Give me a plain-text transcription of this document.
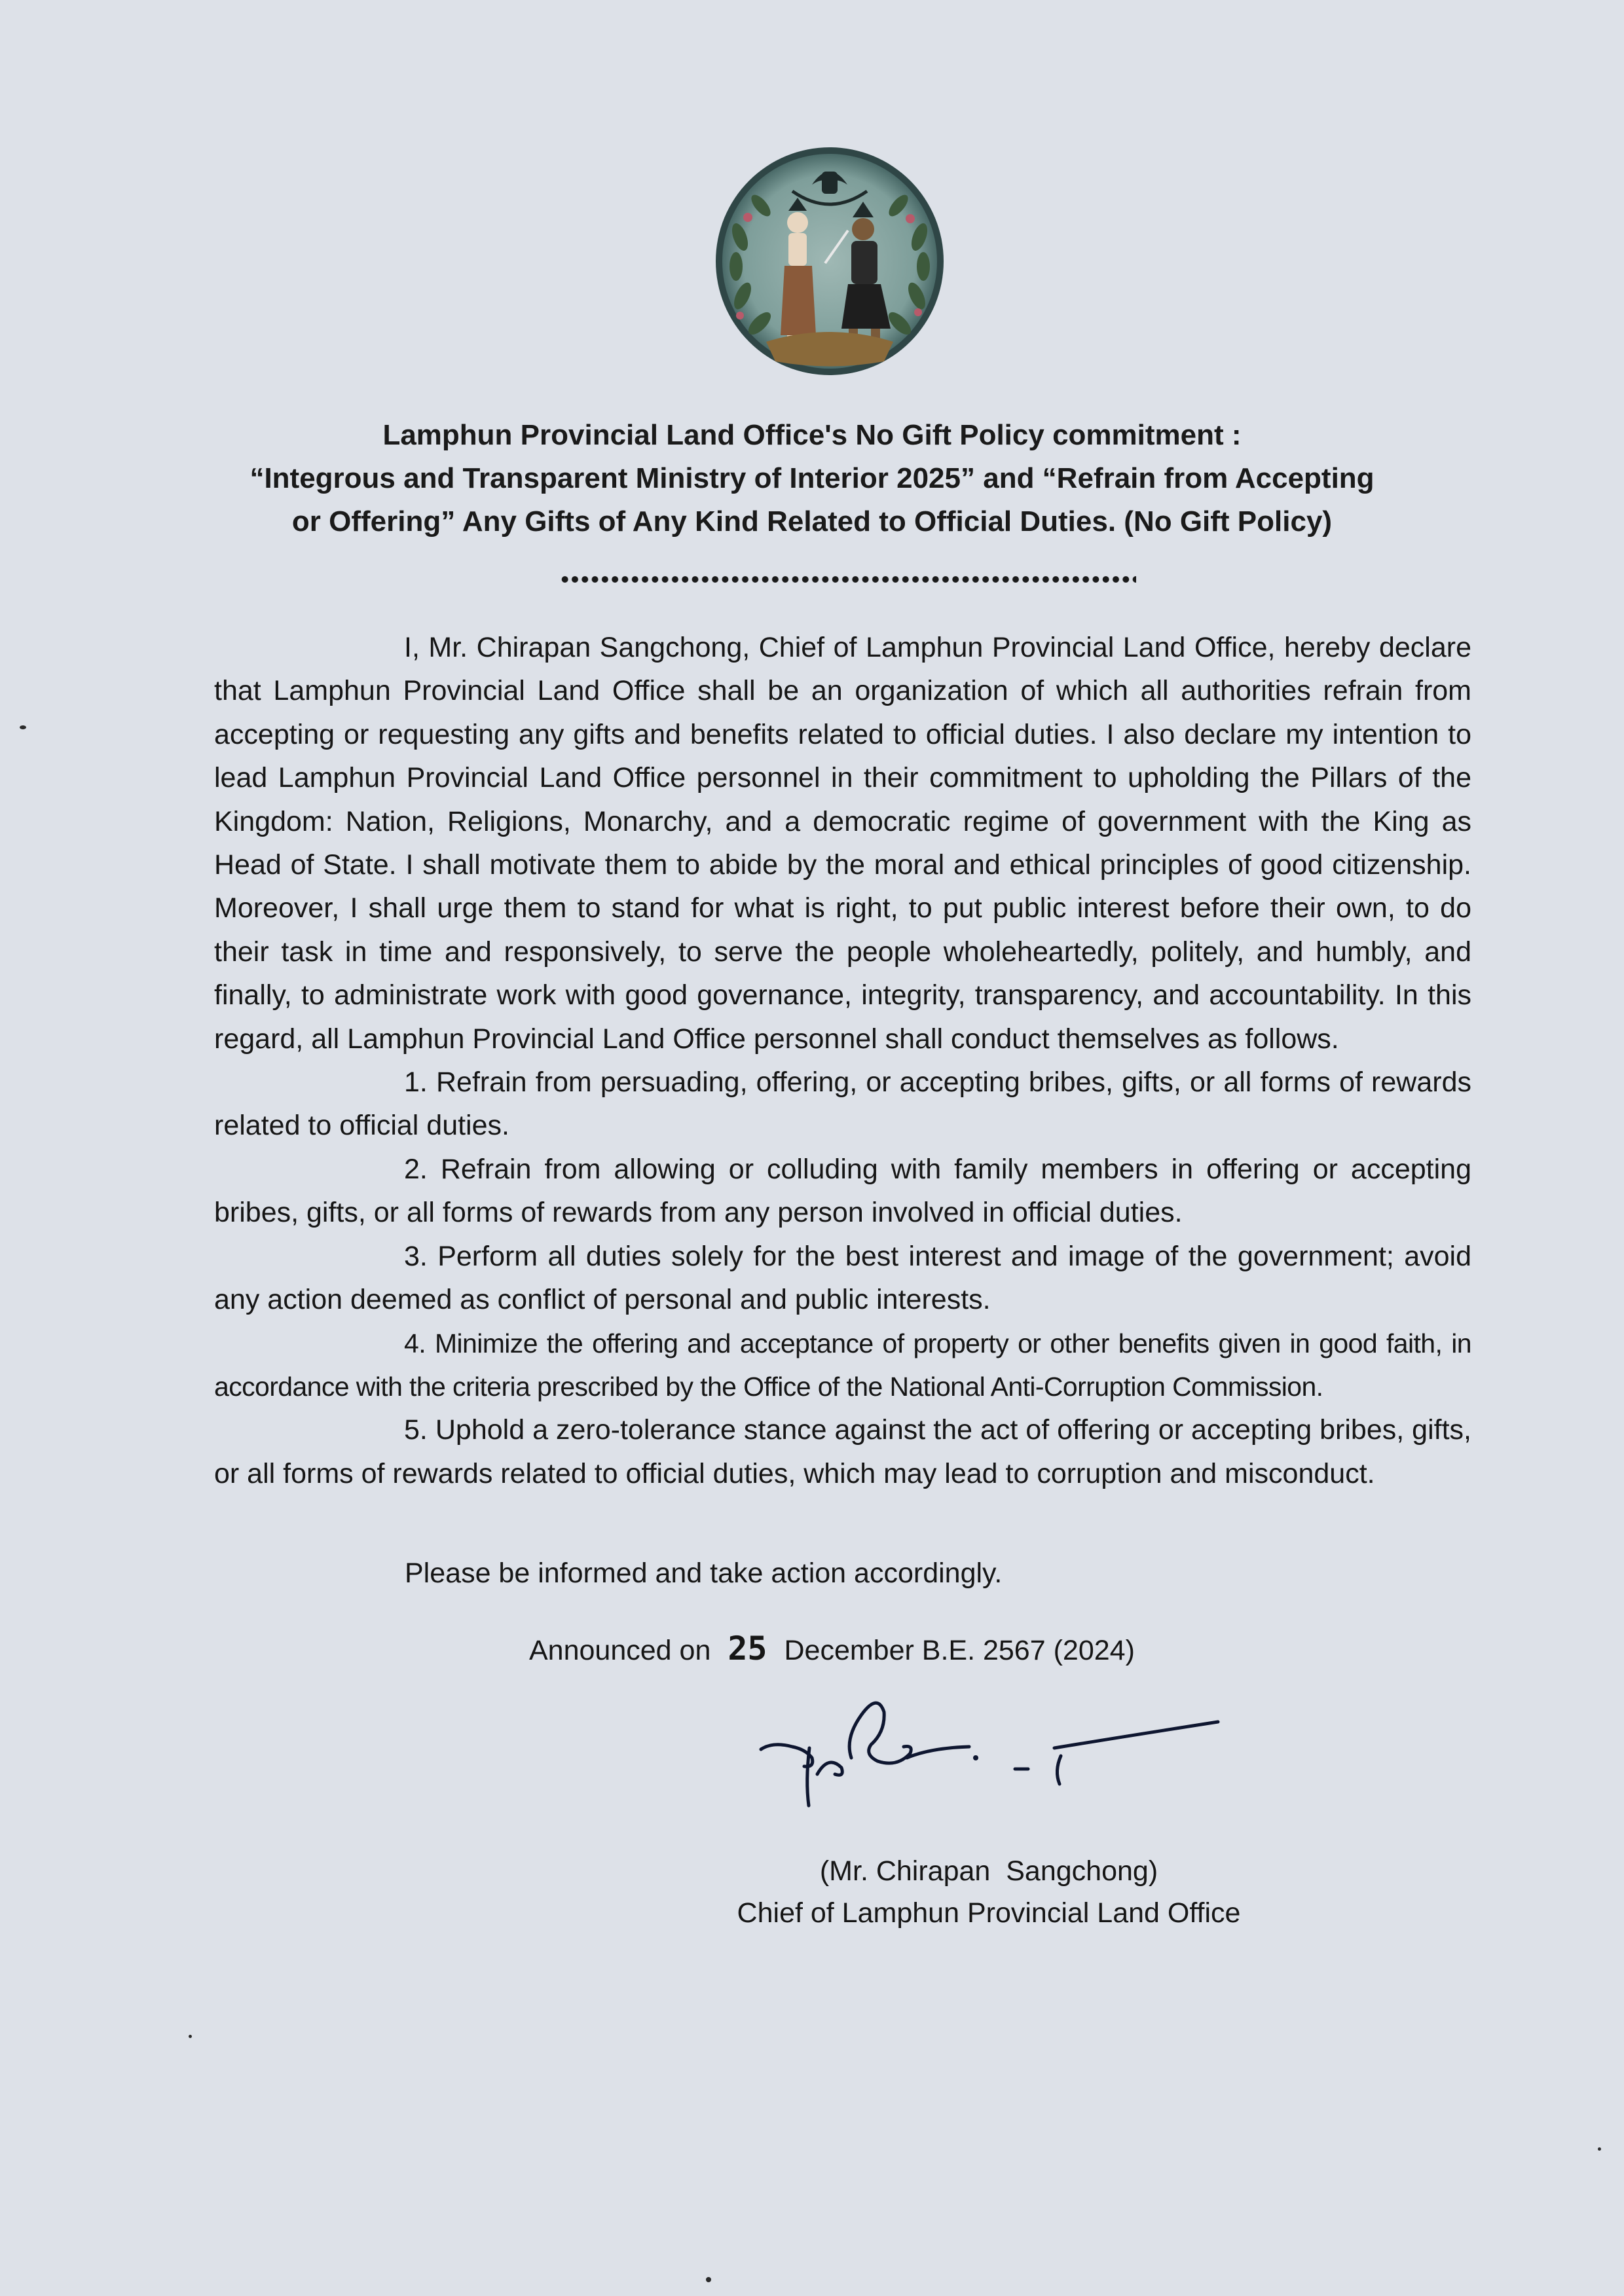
Lamphun Provincial Land Office's No Gift Policy commitment :
“Integrous and Transparent Ministry of Interior 2025” and “Refrain from Accepting
or Offering” Any Gifts of Any Kind Related to Official Duties. (No Gift Policy)

I, Mr. Chirapan Sangchong, Chief of Lamphun Provincial Land Office, hereby declare that Lamphun Provincial Land Office shall be an organization of which all authorities refrain from accepting or requesting any gifts and benefits related to official duties. I also declare my intention to lead Lamphun Provincial Land Office personnel in their commitment to upholding the Pillars of the Kingdom: Nation, Religions, Monarchy, and a democratic regime of government with the King as Head of State. I shall motivate them to abide by the moral and ethical principles of good citizenship. Moreover, I shall urge them to stand for what is right, to put public interest before their own, to do their task in time and responsively, to serve the people wholeheartedly, politely, and humbly, and finally, to administrate work with good governance, integrity, transparency, and accountability. In this regard, all Lamphun Provincial Land Office personnel shall conduct themselves as follows.

1. Refrain from persuading, offering, or accepting bribes, gifts, or all forms of rewards related to official duties.

2. Refrain from allowing or colluding with family members in offering or accepting bribes, gifts, or all forms of rewards from any person involved in official duties.

3. Perform all duties solely for the best interest and image of the government; avoid any action deemed as conflict of personal and public interests.

4. Minimize the offering and acceptance of property or other benefits given in good faith, in accordance with the criteria prescribed by the Office of the National Anti-Corruption Commission.

5. Uphold a zero-tolerance stance against the act of offering or accepting bribes, gifts, or all forms of rewards related to official duties, which may lead to corruption and misconduct.

Please be informed and take action accordingly.
Announced on 25 December B.E. 2567 (2024)
(Mr. Chirapan  Sangchong)
Chief of Lamphun Provincial Land Office
